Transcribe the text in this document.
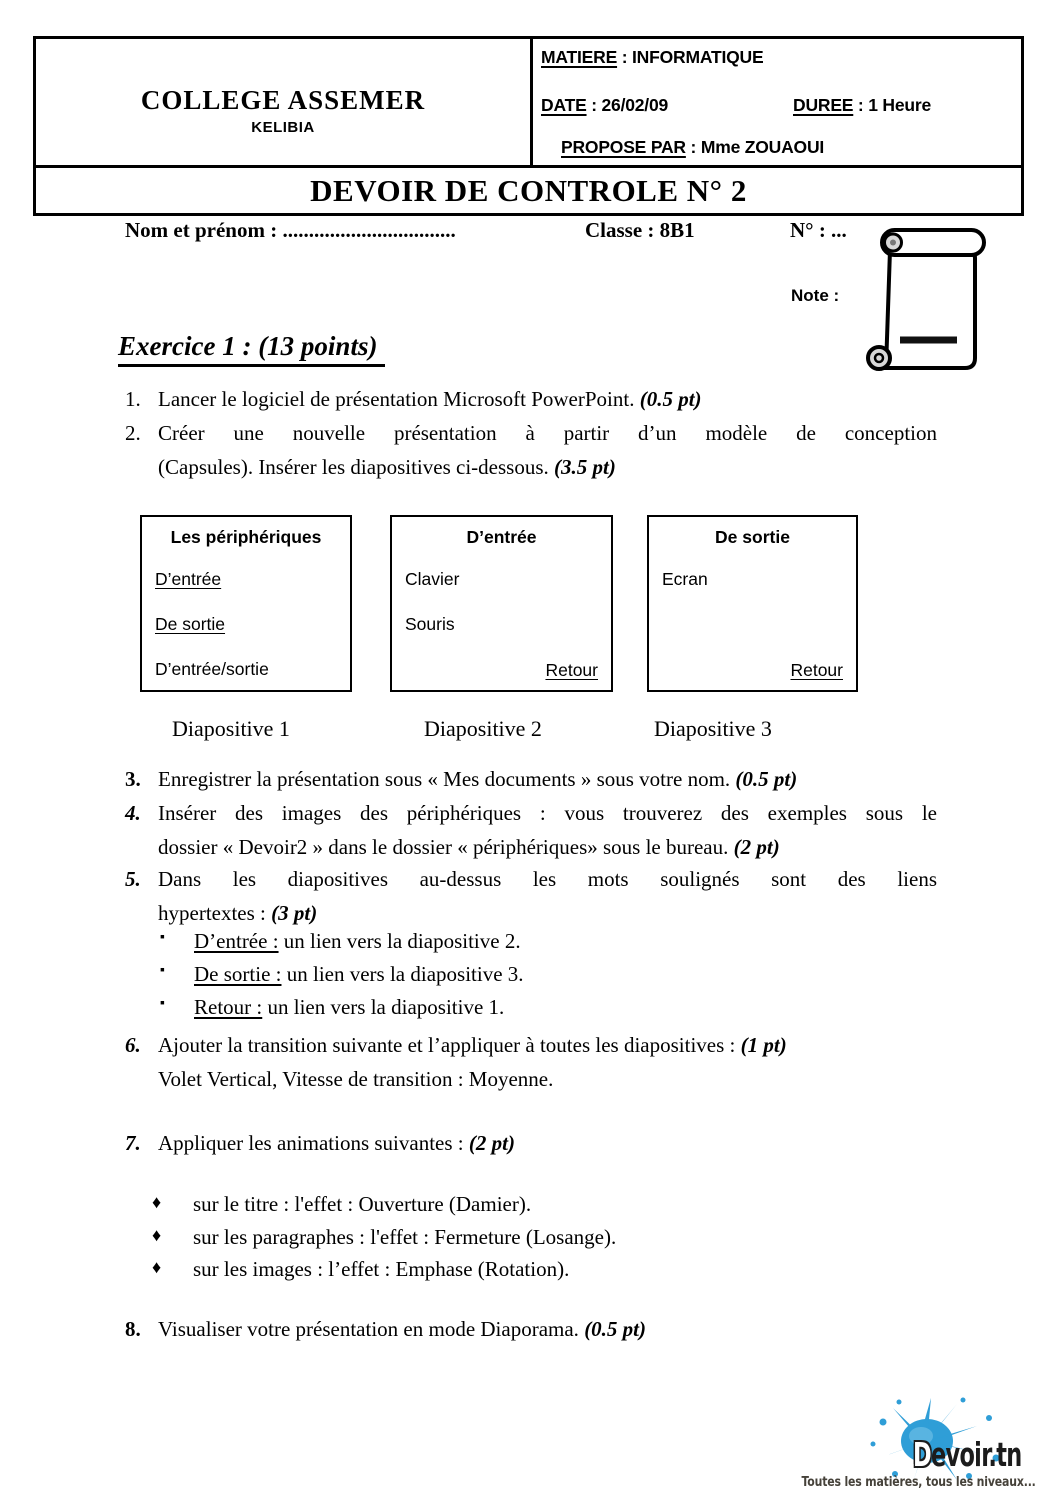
COLLEGE ASSEMER
KELIBIA
MATIERE : INFORMATIQUE
DATE : 26/02/09	DUREE : 1 Heure
PROPOSE PAR : Mme ZOUAOUI
DEVOIR DE CONTROLE N° 2
Nom et prénom : .................................	Classe : 8B1	N° : ...
Note :
Exercice 1 : (13 points)
1. Lancer le logiciel de présentation Microsoft PowerPoint. (0.5 pt)
2. Créer une nouvelle présentation à partir d’un modèle de conception
(Capsules). Insérer les diapositives ci-dessous. (3.5 pt)
Les périphériques
D’entrée
De sortie
D’entrée/sortie
D’entrée
Clavier
Souris
Retour
De sortie
Ecran
Retour
Diapositive 1	Diapositive 2	Diapositive 3
3. Enregistrer la présentation sous « Mes documents » sous votre nom. (0.5 pt)
4. Insérer des images des périphériques : vous trouverez des exemples sous le
dossier « Devoir2 » dans le dossier « périphériques» sous le bureau. (2 pt)
5. Dans les diapositives au-dessus les mots soulignés sont des liens
hypertextes : (3 pt)
▪ D’entrée : un lien vers la diapositive 2.
▪ De sortie : un lien vers la diapositive 3.
▪ Retour : un lien vers la diapositive 1.
6. Ajouter la transition suivante et l’appliquer à toutes les diapositives : (1 pt)
Volet Vertical, Vitesse de transition : Moyenne.
7. Appliquer les animations suivantes : (2 pt)
♦ sur le titre : l'effet : Ouverture (Damier).
♦ sur les paragraphes : l'effet : Fermeture (Losange).
♦ sur les images : l’effet : Emphase (Rotation).
8. Visualiser votre présentation en mode Diaporama. (0.5 pt)
Devoir.tn
Toutes les matières, tous les niveaux...
